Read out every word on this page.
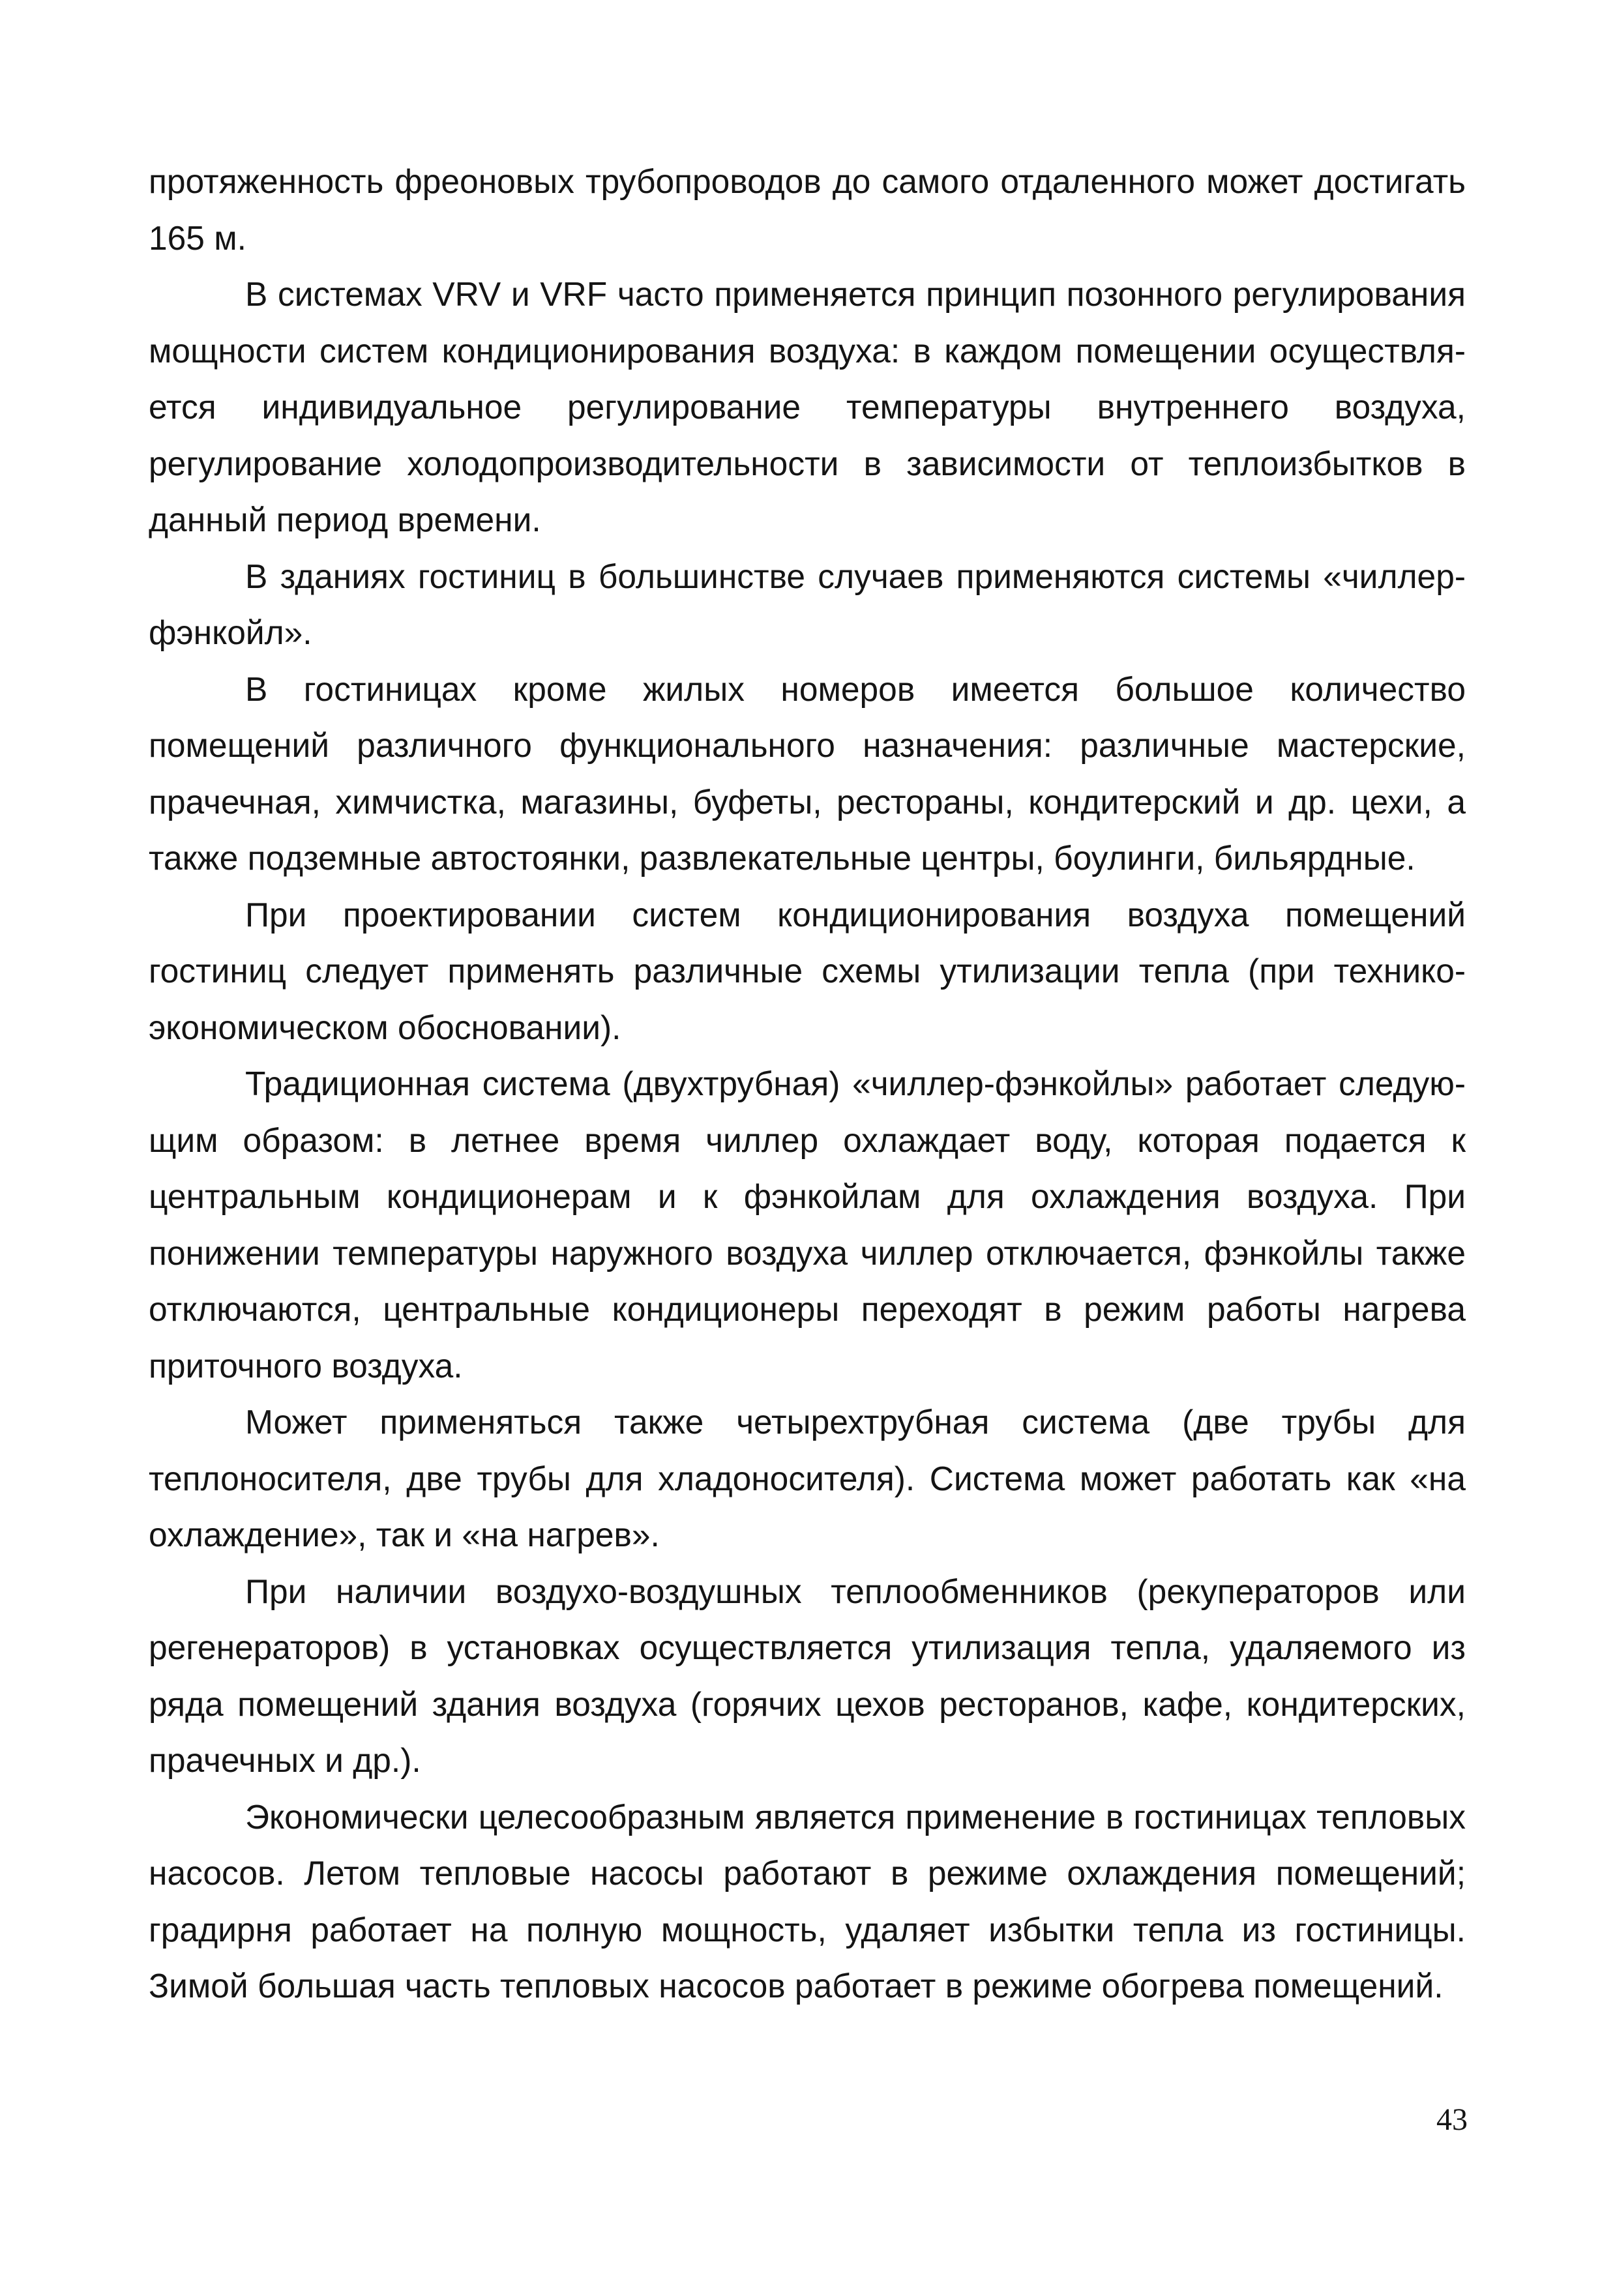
протяженность фреоновых трубопроводов до самого отдаленного может достигать 165 м.

В системах VRV и VRF часто применяется принцип позонного регулирования мощности систем кондиционирования воздуха: в каждом помещении осуществляется индивидуальное регулирование температуры внутреннего воздуха, регулирование холодопроизводительности в зависимости от теплоизбытков в данный период времени.

В зданиях гостиниц в большинстве случаев применяются системы «чиллер-фэнкойл».

В гостиницах кроме жилых номеров имеется большое количество помещений различного функционального назначения: различные мастерские, прачечная, химчистка, магазины, буфеты, рестораны, кондитерский и др. цехи, а также подземные автостоянки, развлекательные центры, боулинги, бильярдные.

При проектировании систем кондиционирования воздуха помещений гостиниц следует применять различные схемы утилизации тепла (при технико-экономическом обосновании).

Традиционная система (двухтрубная) «чиллер-фэнкойлы» работает следующим образом: в летнее время чиллер охлаждает воду, которая подается к центральным кондиционерам и к фэнкойлам для охлаждения воздуха. При понижении температуры наружного воздуха чиллер отключается, фэнкойлы также отключаются, центральные кондиционеры переходят в режим работы нагрева приточного воздуха.

Может применяться также четырехтрубная система (две трубы для теплоносителя, две трубы для хладоносителя). Система может работать как «на охлаждение», так и «на нагрев».

При наличии воздухо-воздушных теплообменников (рекуператоров или регенераторов) в установках осуществляется утилизация тепла, удаляемого из ряда помещений здания воздуха (горячих цехов ресторанов, кафе, кондитерских, прачечных и др.).

Экономически целесообразным является применение в гостиницах тепловых насосов. Летом тепловые насосы работают в режиме охлаждения помещений; градирня работает на полную мощность, удаляет избытки тепла из гостиницы. Зимой большая часть тепловых насосов работает в режиме обогрева помещений.

43
